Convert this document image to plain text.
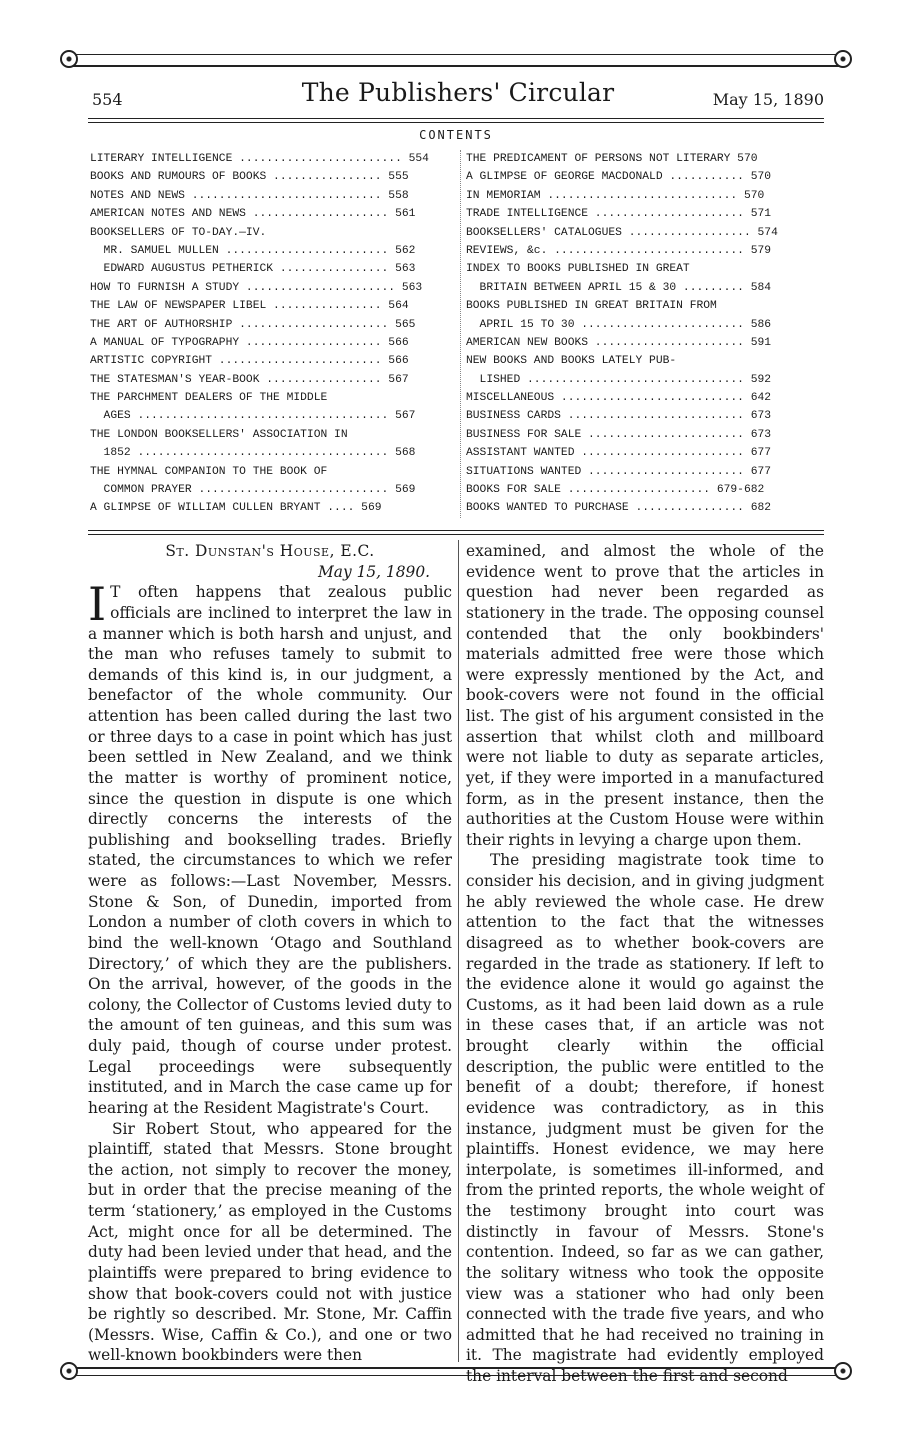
554	The Publishers' Circular	May 15, 1890
CONTENTS
LITERARY INTELLIGENCE ........................ 554
BOOKS AND RUMOURS OF BOOKS ................ 555
NOTES AND NEWS ............................ 558
AMERICAN NOTES AND NEWS .................... 561
BOOKSELLERS OF TO-DAY.—IV.
MR. SAMUEL MULLEN ........................ 562
EDWARD AUGUSTUS PETHERICK ................ 563
HOW TO FURNISH A STUDY ...................... 563
THE LAW OF NEWSPAPER LIBEL ................ 564
THE ART OF AUTHORSHIP ...................... 565
A MANUAL OF TYPOGRAPHY .................... 566
ARTISTIC COPYRIGHT ........................ 566
THE STATESMAN'S YEAR-BOOK ................. 567
THE PARCHMENT DEALERS OF THE MIDDLE
AGES ..................................... 567
THE LONDON BOOKSELLERS' ASSOCIATION IN
1852 ..................................... 568
THE HYMNAL COMPANION TO THE BOOK OF
COMMON PRAYER ............................ 569
A GLIMPSE OF WILLIAM CULLEN BRYANT .... 569
THE PREDICAMENT OF PERSONS NOT LITERARY 570
A GLIMPSE OF GEORGE MACDONALD ........... 570
IN MEMORIAM ............................ 570
TRADE INTELLIGENCE ...................... 571
BOOKSELLERS' CATALOGUES .................. 574
REVIEWS, &c. ............................ 579
INDEX TO BOOKS PUBLISHED IN GREAT
BRITAIN BETWEEN APRIL 15 & 30 ......... 584
BOOKS PUBLISHED IN GREAT BRITAIN FROM
APRIL 15 TO 30 ........................ 586
AMERICAN NEW BOOKS ...................... 591
NEW BOOKS AND BOOKS LATELY PUB-
LISHED ................................ 592
MISCELLANEOUS ........................... 642
BUSINESS CARDS .......................... 673
BUSINESS FOR SALE ....................... 673
ASSISTANT WANTED ........................ 677
SITUATIONS WANTED ....................... 677
BOOKS FOR SALE ..................... 679-682
BOOKS WANTED TO PURCHASE ................ 682
St. Dunstan's House, E.C.
May 15, 1890.

I T often happens that zealous public officials are inclined to interpret the law in a manner which is both harsh and unjust, and the man who refuses tamely to submit to demands of this kind is, in our judgment, a benefactor of the whole community. Our attention has been called during the last two or three days to a case in point which has just been settled in New Zealand, and we think the matter is worthy of prominent notice, since the question in dispute is one which directly concerns the interests of the publishing and bookselling trades. Briefly stated, the circumstances to which we refer were as follows:—Last November, Messrs. Stone & Son, of Dunedin, imported from London a number of cloth covers in which to bind the well-known ‘Otago and Southland Directory,’ of which they are the publishers. On the arrival, however, of the goods in the colony, the Collector of Customs levied duty to the amount of ten guineas, and this sum was duly paid, though of course under protest. Legal proceedings were subsequently instituted, and in March the case came up for hearing at the Resident Magistrate's Court.

Sir Robert Stout, who appeared for the plaintiff, stated that Messrs. Stone brought the action, not simply to recover the money, but in order that the precise meaning of the term ‘stationery,’ as employed in the Customs Act, might once for all be determined. The duty had been levied under that head, and the plaintiffs were prepared to bring evidence to show that book-covers could not with justice be rightly so described. Mr. Stone, Mr. Caffin (Messrs. Wise, Caffin & Co.), and one or two well-known bookbinders were then

examined, and almost the whole of the evidence went to prove that the articles in question had never been regarded as stationery in the trade. The opposing counsel contended that the only bookbinders' materials admitted free were those which were expressly mentioned by the Act, and book-covers were not found in the official list. The gist of his argument consisted in the assertion that whilst cloth and millboard were not liable to duty as separate articles, yet, if they were imported in a manufactured form, as in the present instance, then the authorities at the Custom House were within their rights in levying a charge upon them.

The presiding magistrate took time to consider his decision, and in giving judgment he ably reviewed the whole case. He drew attention to the fact that the witnesses disagreed as to whether book-covers are regarded in the trade as stationery. If left to the evidence alone it would go against the Customs, as it had been laid down as a rule in these cases that, if an article was not brought clearly within the official description, the public were entitled to the benefit of a doubt; therefore, if honest evidence was contradictory, as in this instance, judgment must be given for the plaintiffs. Honest evidence, we may here interpolate, is sometimes ill-informed, and from the printed reports, the whole weight of the testimony brought into court was distinctly in favour of Messrs. Stone's contention. Indeed, so far as we can gather, the solitary witness who took the opposite view was a stationer who had only been connected with the trade five years, and who admitted that he had received no training in it. The magistrate had evidently employed the interval between the first and second
